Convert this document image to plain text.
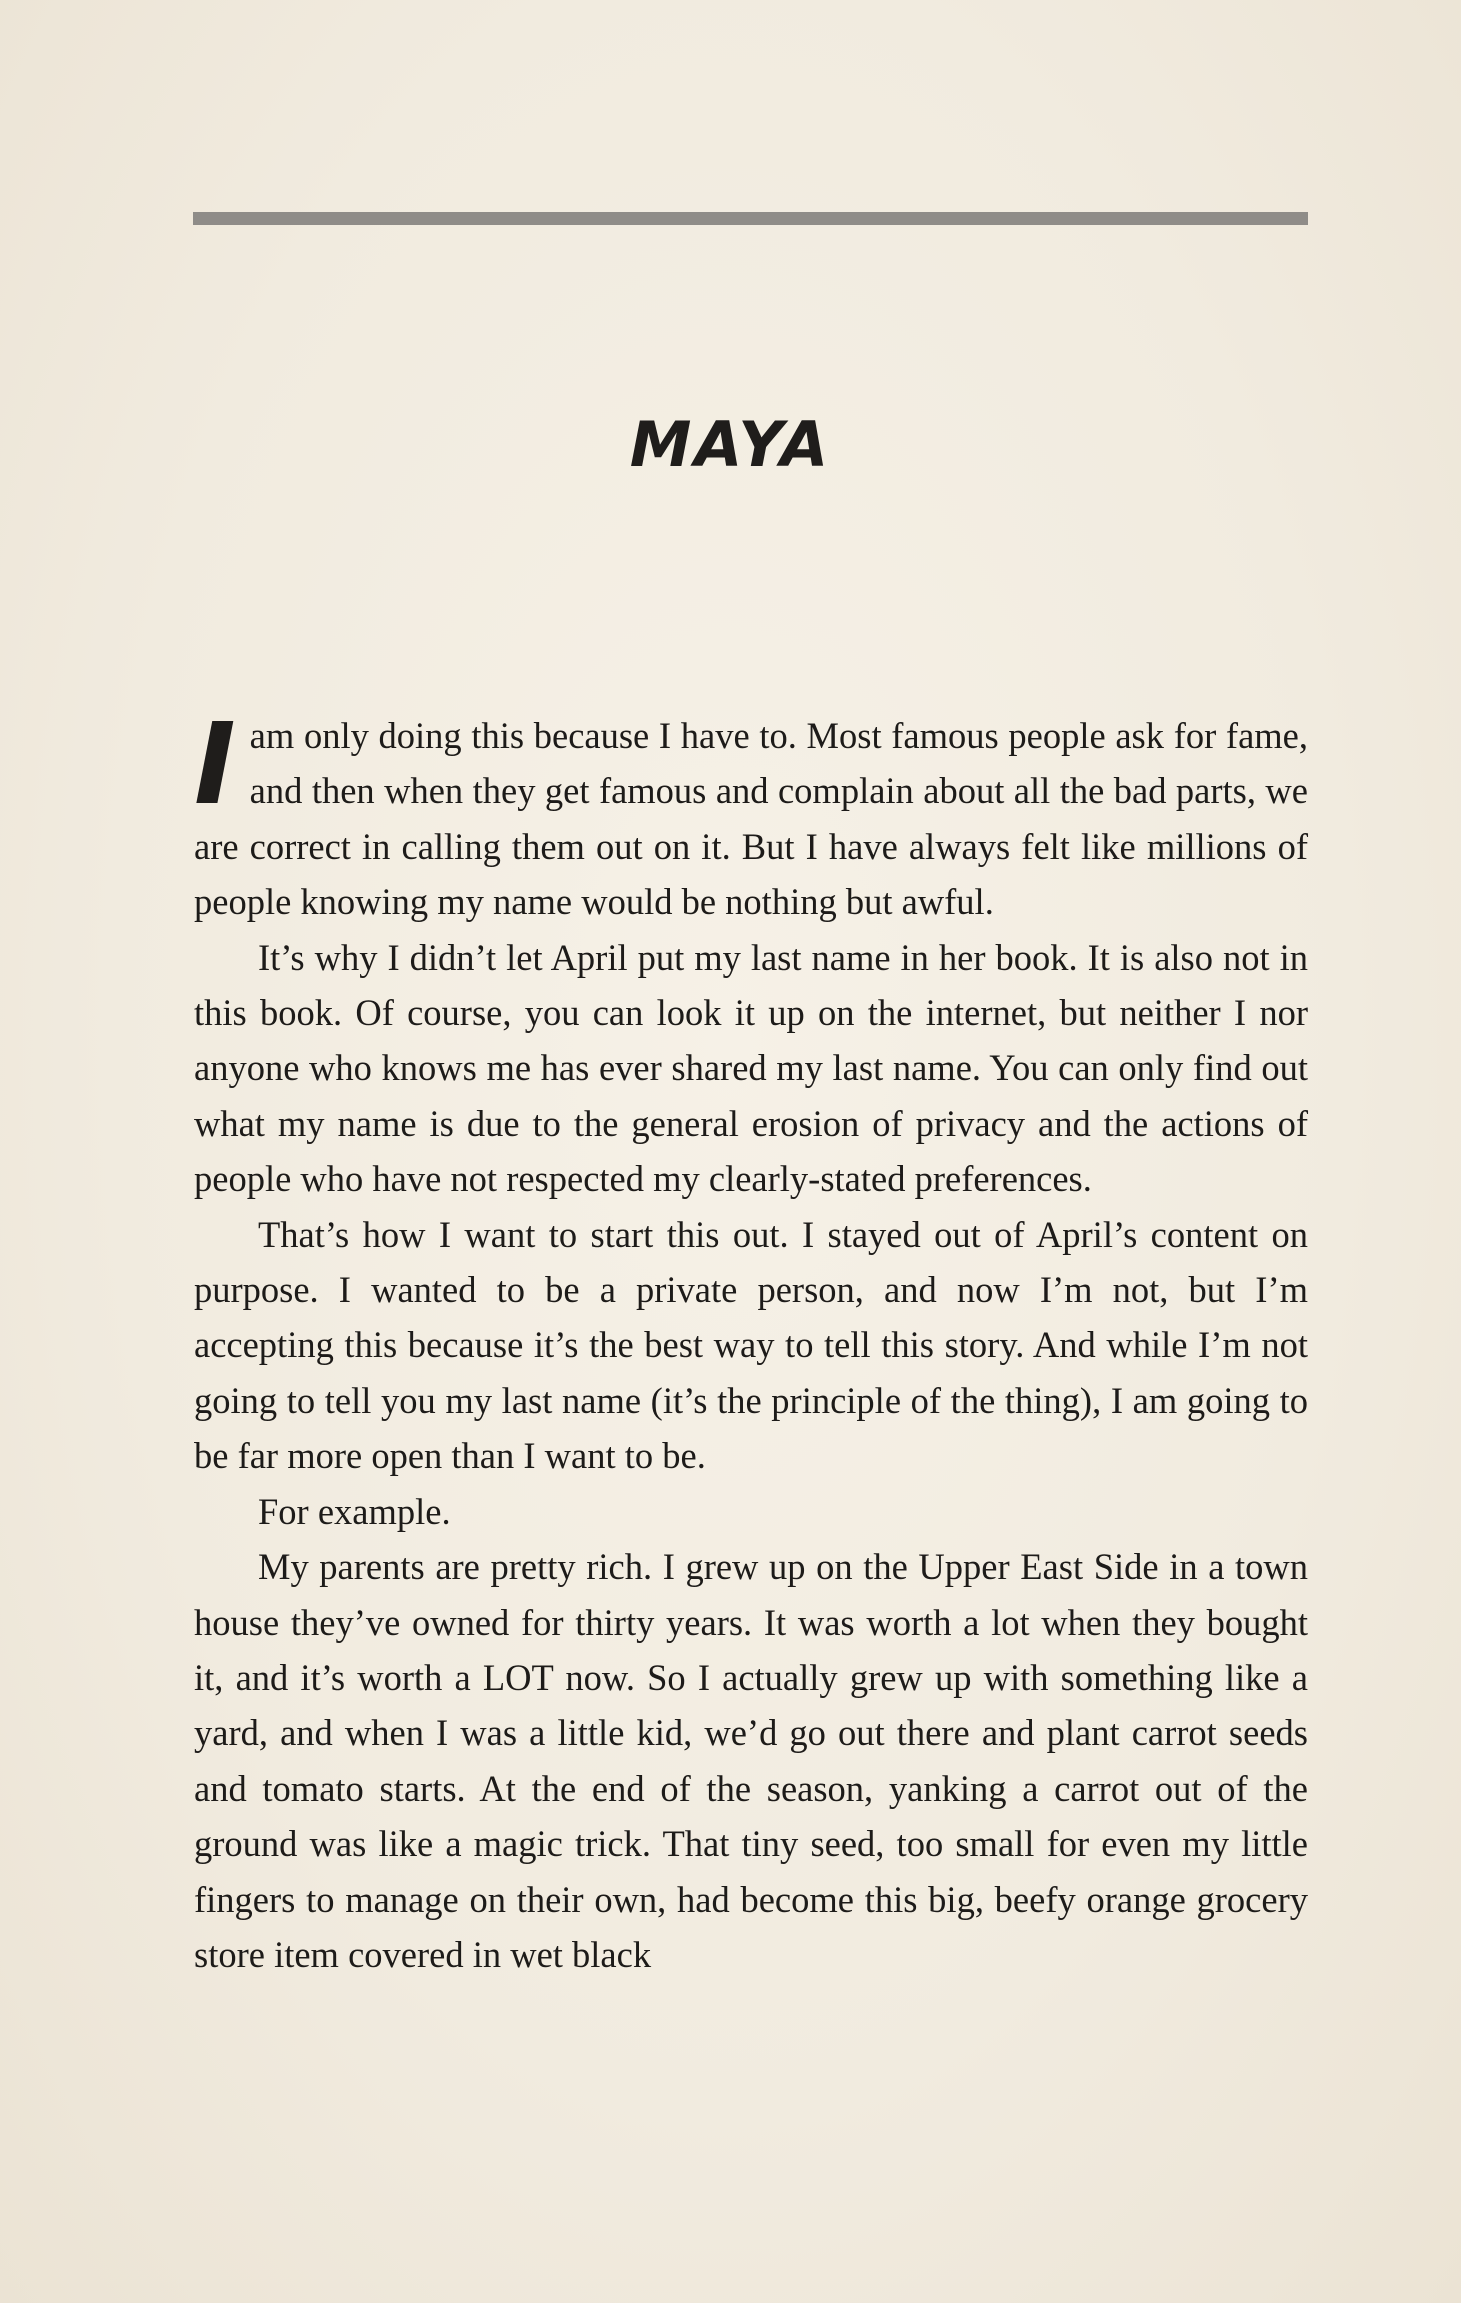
MAYA

I am only doing this because I have to. Most famous people ask for fame, and then when they get famous and complain about all the bad parts, we are correct in calling them out on it. But I have always felt like millions of people knowing my name would be nothing but awful.

It’s why I didn’t let April put my last name in her book. It is also not in this book. Of course, you can look it up on the internet, but neither I nor anyone who knows me has ever shared my last name. You can only find out what my name is due to the general erosion of privacy and the actions of people who have not respected my clearly-stated preferences.

That’s how I want to start this out. I stayed out of April’s content on purpose. I wanted to be a private person, and now I’m not, but I’m accepting this because it’s the best way to tell this story. And while I’m not going to tell you my last name (it’s the principle of the thing), I am going to be far more open than I want to be.

For example.

My parents are pretty rich. I grew up on the Upper East Side in a town house they’ve owned for thirty years. It was worth a lot when they bought it, and it’s worth a LOT now. So I actually grew up with something like a yard, and when I was a little kid, we’d go out there and plant carrot seeds and tomato starts. At the end of the season, yanking a carrot out of the ground was like a magic trick. That tiny seed, too small for even my little fingers to manage on their own, had become this big, beefy orange grocery store item covered in wet black
